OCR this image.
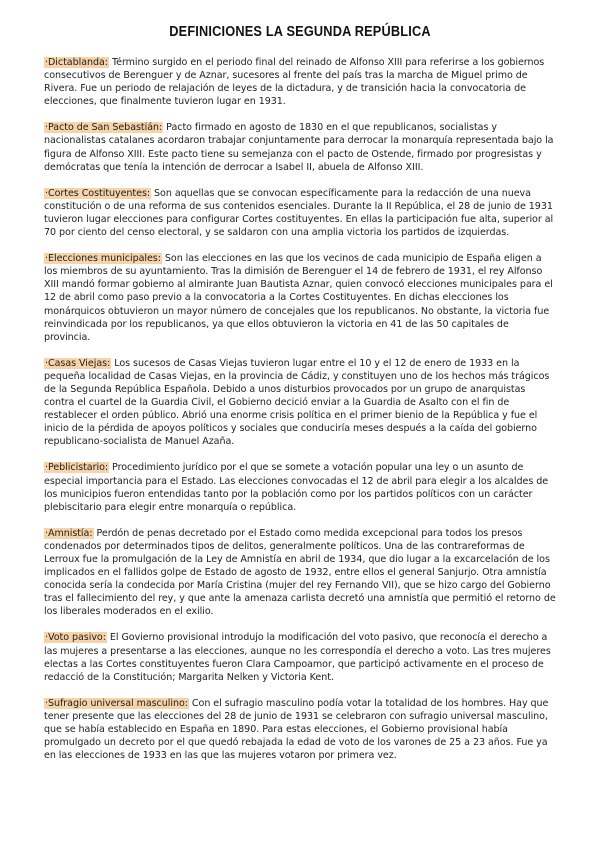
DEFINICIONES LA SEGUNDA REPÚBLICA

·Dictablanda: Término surgido en el periodo final del reinado de Alfonso XIII para referirse a los gobiernos consecutivos de Berenguer y de Aznar, sucesores al frente del país tras la marcha de Miguel primo de Rivera. Fue un periodo de relajación de leyes de la dictadura, y de transición hacia la convocatoria de elecciones, que finalmente tuvieron lugar en 1931.

·Pacto de San Sebastián: Pacto firmado en agosto de 1830 en el que republicanos, socialistas y nacionalistas catalanes acordaron trabajar conjuntamente para derrocar la monarquía representada bajo la figura de Alfonso XIII. Este pacto tiene su semejanza con el pacto de Ostende, firmado por progresistas y demócratas que tenía la intención de derrocar a Isabel II, abuela de Alfonso XIII.

·Cortes Costituyentes: Son aquellas que se convocan específicamente para la redacción de una nueva constitución o de una reforma de sus contenidos esenciales. Durante la II República, el 28 de junio de 1931 tuvieron lugar elecciones para configurar Cortes costituyentes. En ellas la participación fue alta, superior al 70 por ciento del censo electoral, y se saldaron con una amplia victoria los partidos de izquierdas.

·Elecciones municipales: Son las elecciones en las que los vecinos de cada municipio de España eligen a los miembros de su ayuntamiento. Tras la dimisión de Berenguer el 14 de febrero de 1931, el rey Alfonso XIII mandó formar gobierno al almirante Juan Bautista Aznar, quien convocó elecciones municipales para el 12 de abril como paso previo a la convocatoria a la Cortes Costituyentes. En dichas elecciones los monárquicos obtuvieron un mayor número de concejales que los republicanos. No obstante, la victoria fue reinvindicada por los republicanos, ya que ellos obtuvieron la victoria en 41 de las 50 capitales de provincia.

·Casas Viejas: Los sucesos de Casas Viejas tuvieron lugar entre el 10 y el 12 de enero de 1933 en la pequeña localidad de Casas Viejas, en la provincia de Cádiz, y constituyen uno de los hechos más trágicos de la Segunda República Española. Debido a unos disturbios provocados por un grupo de anarquistas contra el cuartel de la Guardia Civil, el Gobierno decició enviar a la Guardia de Asalto con el fin de restablecer el orden público. Abrió una enorme crisis política en el primer bienio de la República y fue el inicio de la pérdida de apoyos políticos y sociales que conduciría meses después a la caída del gobierno republicano-socialista de Manuel Azaña.

·Peblicistario: Procedimiento jurídico por el que se somete a votación popular una ley o un asunto de especial importancia para el Estado. Las elecciones convocadas el 12 de abril para elegir a los alcaldes de los municipios fueron entendidas tanto por la población como por los partidos políticos con un carácter plebiscitario para elegir entre monarquía o república.

·Amnistía: Perdón de penas decretado por el Estado como medida excepcional para todos los presos condenados por determinados tipos de delitos, generalmente políticos. Una de las contrareformas de Lerroux fue la promulgación de la Ley de Amnistía en abril de 1934, que dio lugar a la excarcelación de los implicados en el fallidos golpe de Estado de agosto de 1932, entre ellos el general Sanjurjo. Otra amnistía conocida sería la condecida por María Cristina (mujer del rey Fernando VII), que se hizo cargo del Gobierno tras el fallecimiento del rey, y que ante la amenaza carlista decretó una amnistía que permitió el retorno de los liberales moderados en el exilio.

·Voto pasivo: El Govierno provisional introdujo la modificación del voto pasivo, que reconocía el derecho a las mujeres a presentarse a las elecciones, aunque no les correspondía el derecho a voto. Las tres mujeres electas a las Cortes constituyentes fueron Clara Campoamor, que participó activamente en el proceso de redacció de la Constitución; Margarita Nelken y Victoria Kent.

·Sufragio universal masculino: Con el sufragio masculino podía votar la totalidad de los hombres. Hay que tener presente que las elecciones del 28 de junio de 1931 se celebraron con sufragio universal masculino, que se había establecido en España en 1890. Para estas elecciones, el Gobierno provisional había promulgado un decreto por el que quedó rebajada la edad de voto de los varones de 25 a 23 años. Fue ya en las elecciones de 1933 en las que las mujeres votaron por primera vez.
